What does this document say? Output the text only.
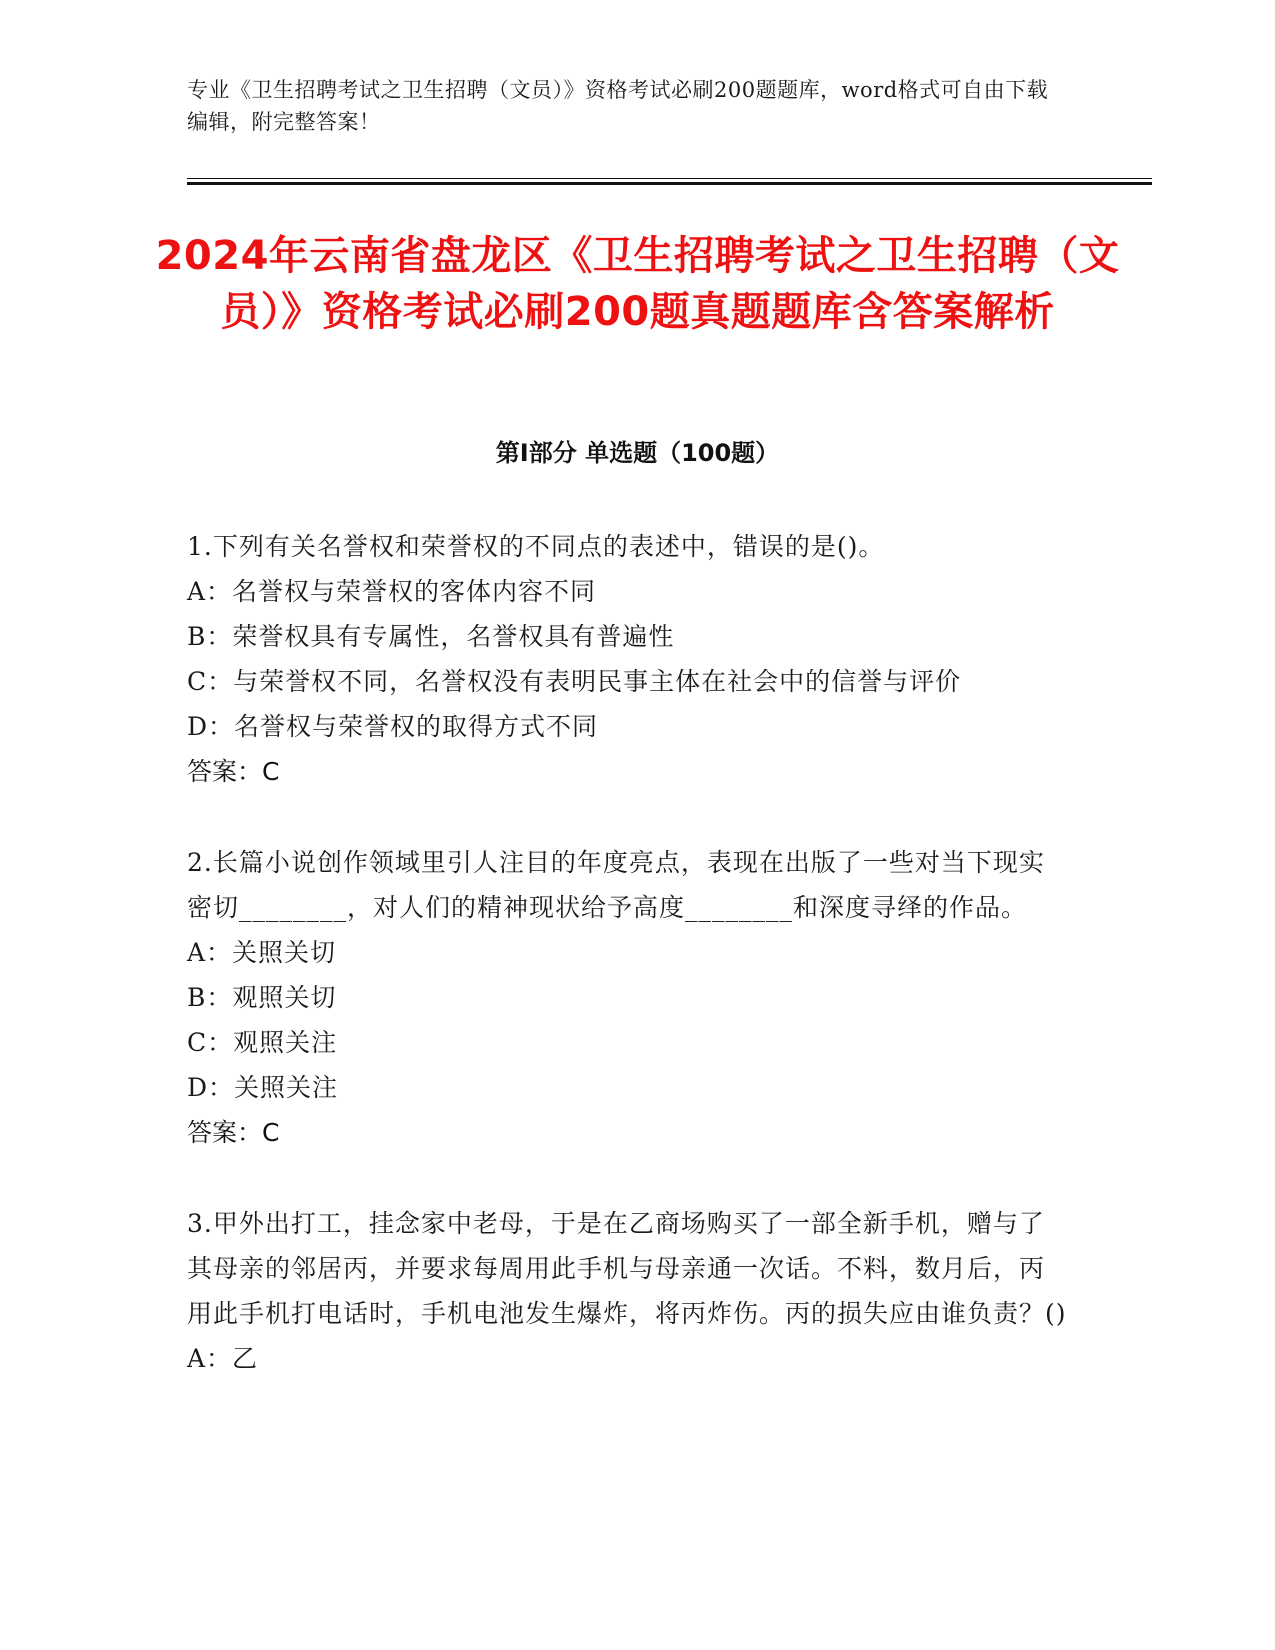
专业《卫生招聘考试之卫生招聘（文员）》资格考试必刷200题题库，word格式可自由下载编辑，附完整答案！
2024年云南省盘龙区《卫生招聘考试之卫生招聘（文员）》资格考试必刷200题真题题库含答案解析
第Ⅰ部分 单选题（100题）
1.下列有关名誉权和荣誉权的不同点的表述中，错误的是()。
A：名誉权与荣誉权的客体内容不同
B：荣誉权具有专属性，名誉权具有普遍性
C：与荣誉权不同，名誉权没有表明民事主体在社会中的信誉与评价
D：名誉权与荣誉权的取得方式不同
答案：C
2.长篇小说创作领域里引人注目的年度亮点，表现在出版了一些对当下现实密切________，对人们的精神现状给予高度________和深度寻绎的作品。
A：关照关切
B：观照关切
C：观照关注
D：关照关注
答案：C
3.甲外出打工，挂念家中老母，于是在乙商场购买了一部全新手机，赠与了其母亲的邻居丙，并要求每周用此手机与母亲通一次话。不料，数月后，丙用此手机打电话时，手机电池发生爆炸，将丙炸伤。丙的损失应由谁负责？()
A：乙
